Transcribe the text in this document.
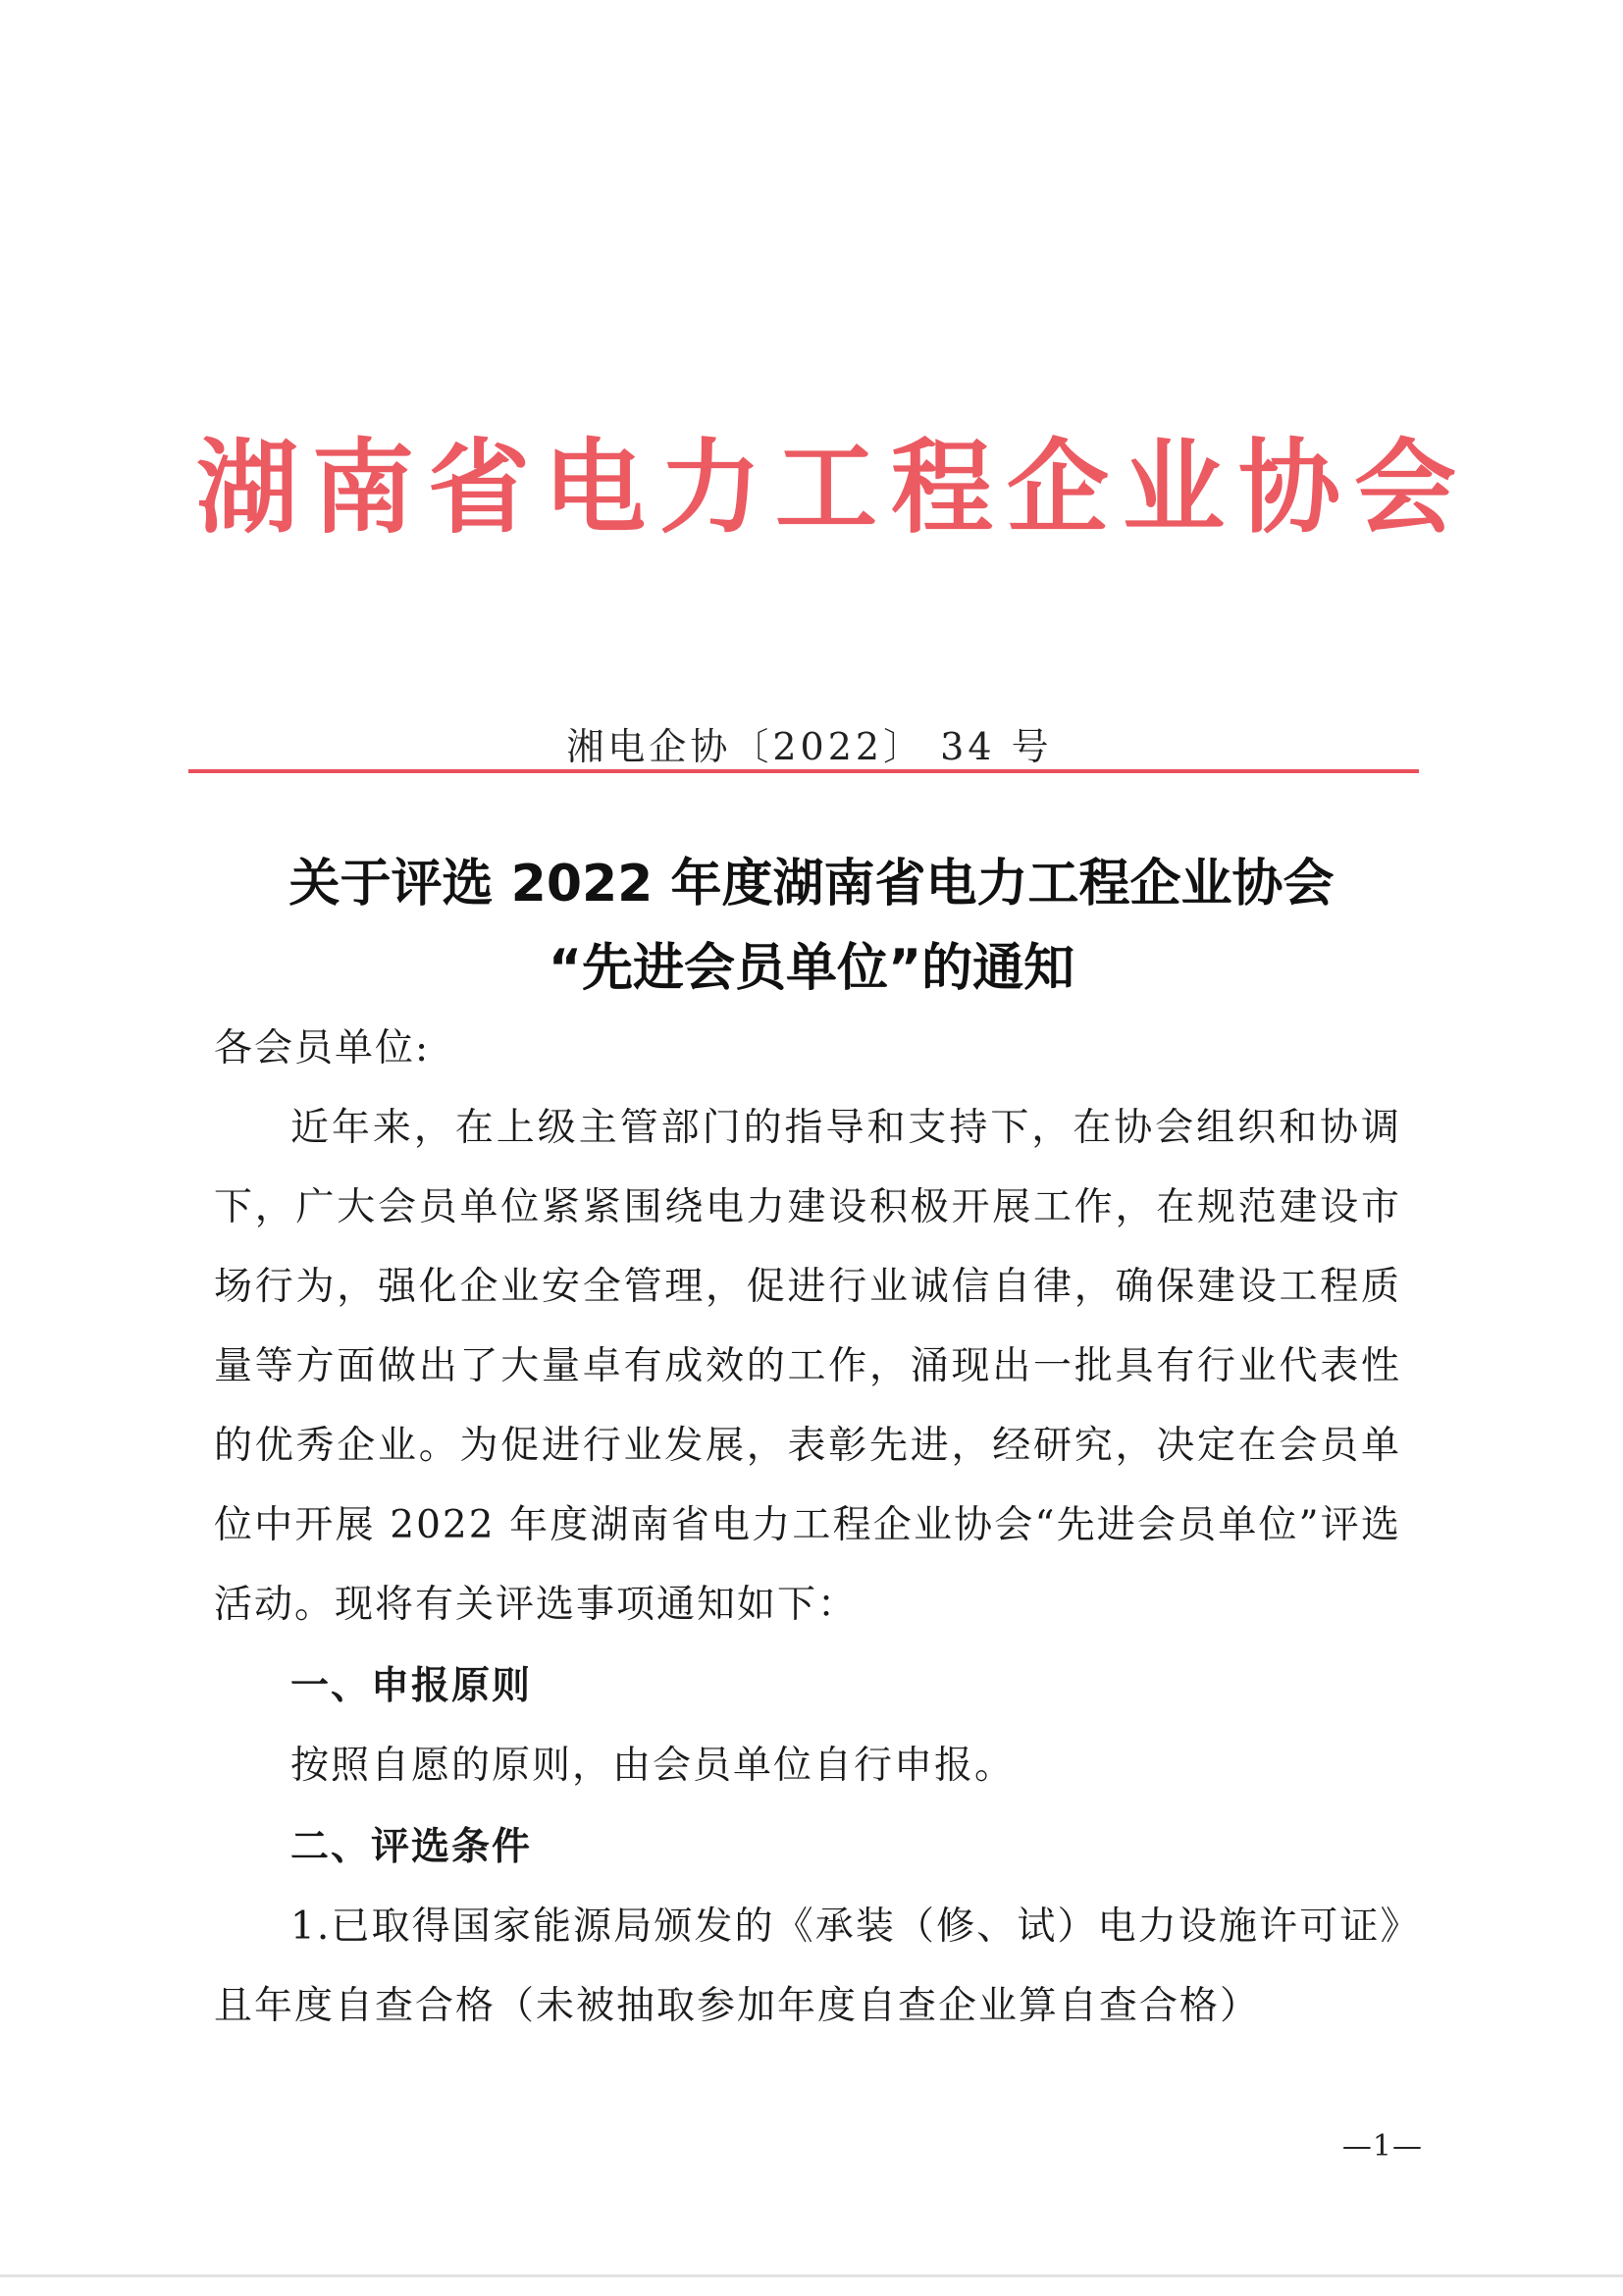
湖南省电力工程企业协会
湘电企协〔2022〕 34 号
关于评选 2022 年度湖南省电力工程企业协会
“先进会员单位”的通知

各会员单位:

近年来，在上级主管部门的指导和支持下，在协会组织和协调下，广大会员单位紧紧围绕电力建设积极开展工作，在规范建设市场行为，强化企业安全管理，促进行业诚信自律，确保建设工程质量等方面做出了大量卓有成效的工作，涌现出一批具有行业代表性的优秀企业。为促进行业发展，表彰先进，经研究，决定在会员单位中开展 2022 年度湖南省电力工程企业协会“先进会员单位”评选活动。现将有关评选事项通知如下：

一、申报原则

按照自愿的原则，由会员单位自行申报。

二、评选条件

1.已取得国家能源局颁发的《承装（修、试）电力设施许可证》且年度自查合格（未被抽取参加年度自查企业算自查合格）

—1—
